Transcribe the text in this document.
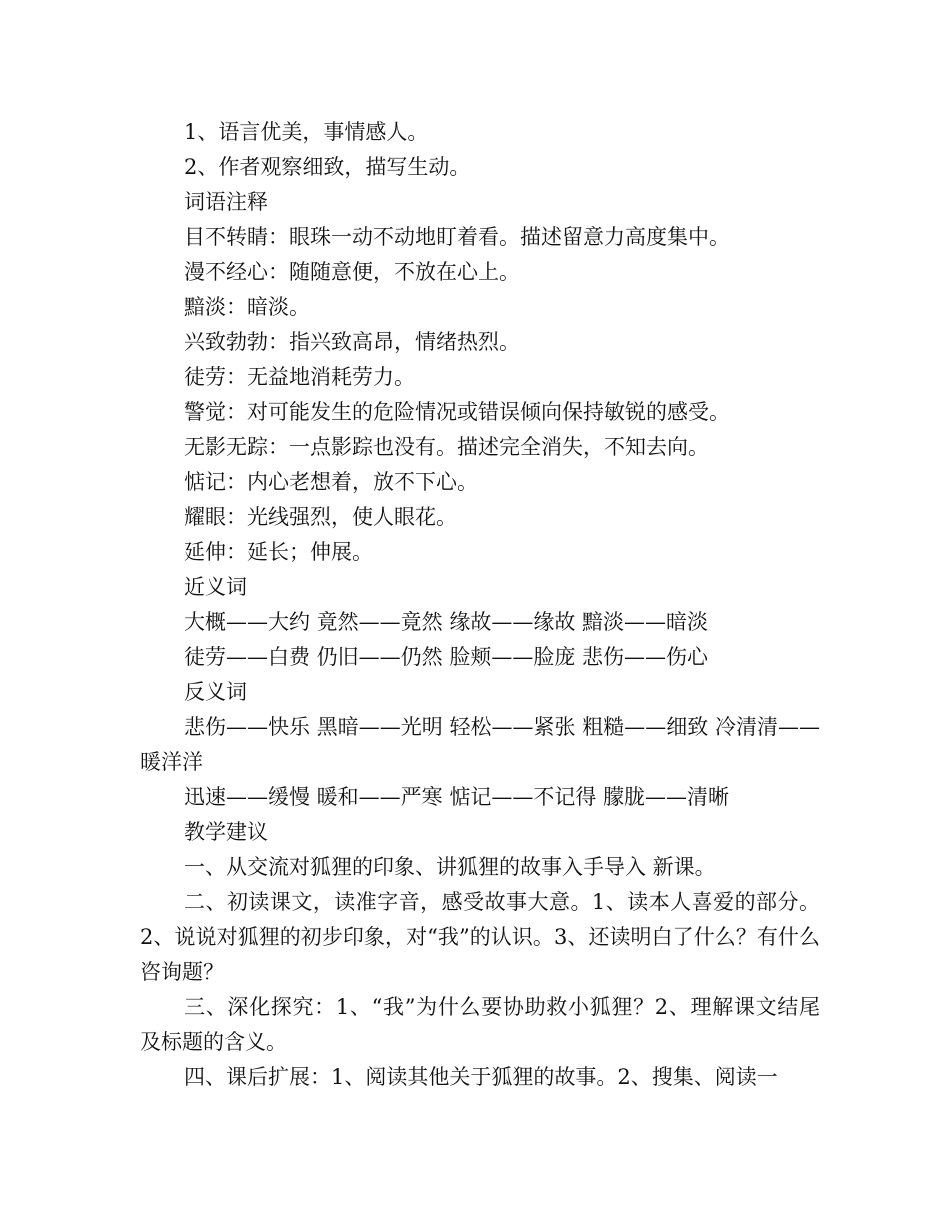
1、语言优美，事情感人。

2、作者观察细致，描写生动。

词语注释

目不转睛：眼珠一动不动地盯着看。描述留意力高度集中。

漫不经心：随随意便，不放在心上。

黯淡：暗淡。

兴致勃勃：指兴致高昂，情绪热烈。

徒劳：无益地消耗劳力。

警觉：对可能发生的危险情况或错误倾向保持敏锐的感受。

无影无踪：一点影踪也没有。描述完全消失，不知去向。

惦记：内心老想着，放不下心。

耀眼：光线强烈，使人眼花。

延伸：延长；伸展。

近义词

大概——大约 竟然——竟然 缘故——缘故 黯淡——暗淡

徒劳——白费 仍旧——仍然 脸颊——脸庞 悲伤——伤心

反义词

悲伤——快乐 黑暗——光明 轻松——紧张 粗糙——细致 冷清清——暖洋洋

迅速——缓慢 暖和——严寒 惦记——不记得 朦胧——清晰

教学建议

一、从交流对狐狸的印象、讲狐狸的故事入手导入 新课。

二、初读课文，读准字音，感受故事大意。1、读本人喜爱的部分。2、说说对狐狸的初步印象，对“我”的认识。3、还读明白了什么？有什么咨询题？

三、深化探究：1、“我”为什么要协助救小狐狸？2、理解课文结尾及标题的含义。

四、课后扩展：1、阅读其他关于狐狸的故事。2、搜集、阅读一
